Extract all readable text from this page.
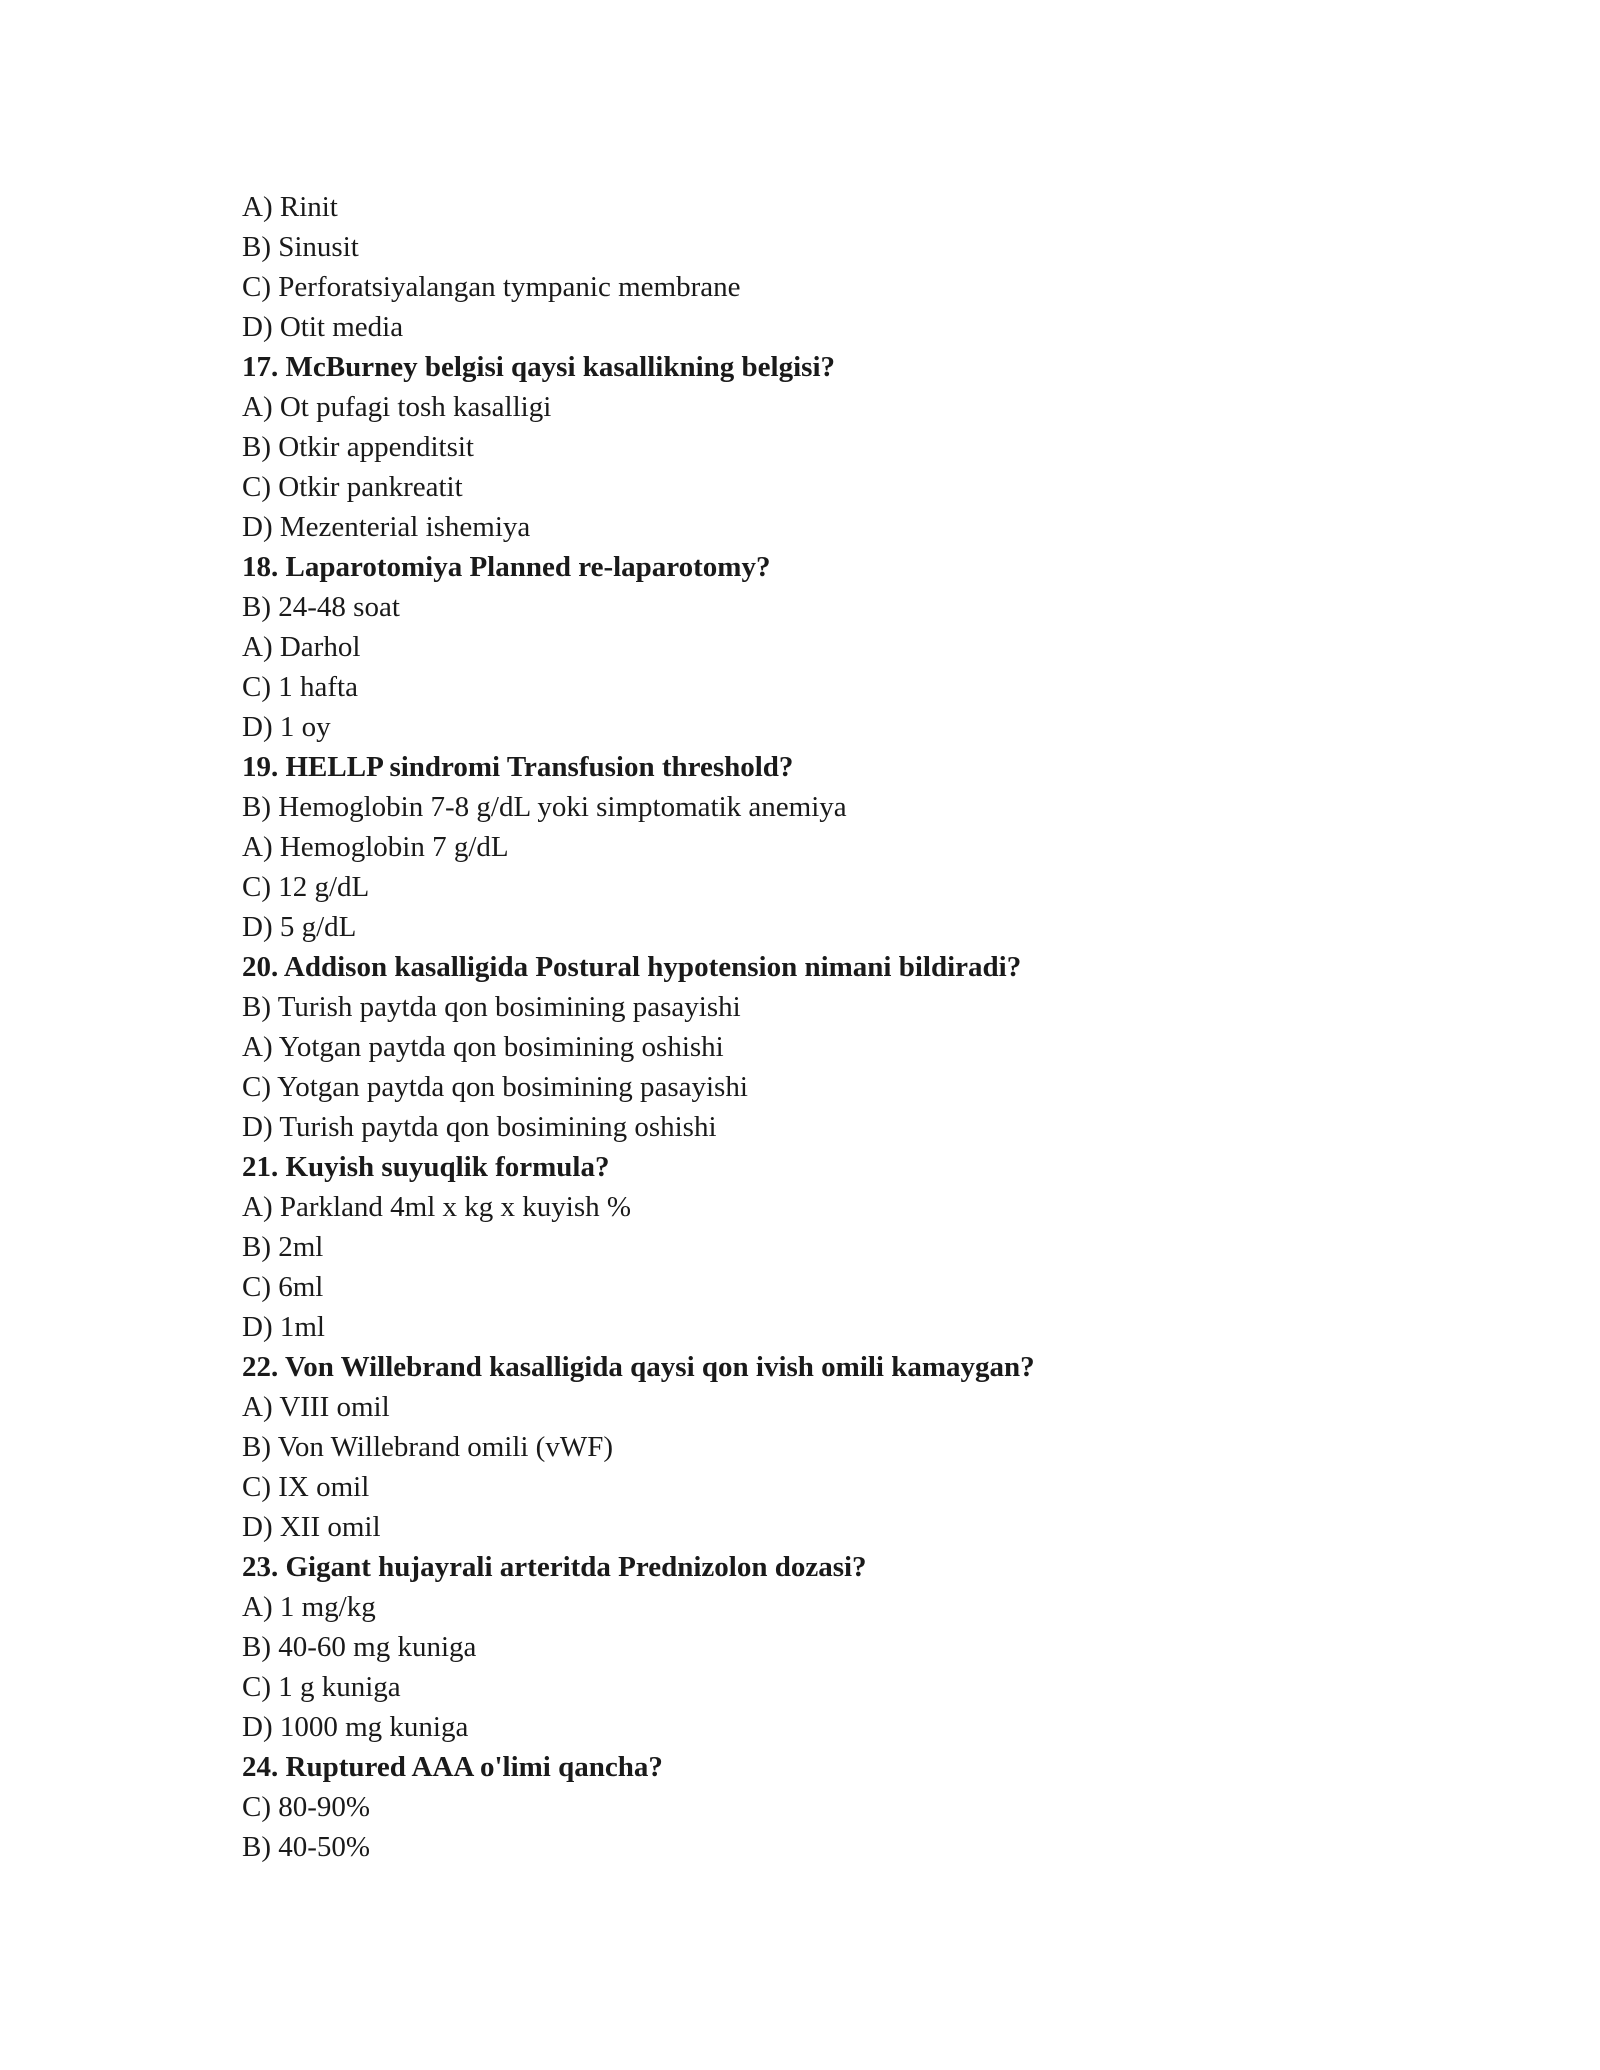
A) Rinit

B) Sinusit

C) Perforatsiyalangan tympanic membrane

D) Otit media

17. McBurney belgisi qaysi kasallikning belgisi?

A) Ot pufagi tosh kasalligi

B) Otkir appenditsit

C) Otkir pankreatit

D) Mezenterial ishemiya

18. Laparotomiya Planned re-laparotomy?

B) 24-48 soat

A) Darhol

C) 1 hafta

D) 1 oy

19. HELLP sindromi Transfusion threshold?

B) Hemoglobin 7-8 g/dL yoki simptomatik anemiya

A) Hemoglobin 7 g/dL

C) 12 g/dL

D) 5 g/dL

20. Addison kasalligida Postural hypotension nimani bildiradi?

B) Turish paytda qon bosimining pasayishi

A) Yotgan paytda qon bosimining oshishi

C) Yotgan paytda qon bosimining pasayishi

D) Turish paytda qon bosimining oshishi

21. Kuyish suyuqlik formula?

A) Parkland 4ml x kg x kuyish %

B) 2ml

C) 6ml

D) 1ml

22. Von Willebrand kasalligida qaysi qon ivish omili kamaygan?

A) VIII omil

B) Von Willebrand omili (vWF)

C) IX omil

D) XII omil

23. Gigant hujayrali arteritda Prednizolon dozasi?

A) 1 mg/kg

B) 40-60 mg kuniga

C) 1 g kuniga

D) 1000 mg kuniga

24. Ruptured AAA o'limi qancha?

C) 80-90%

B) 40-50%
